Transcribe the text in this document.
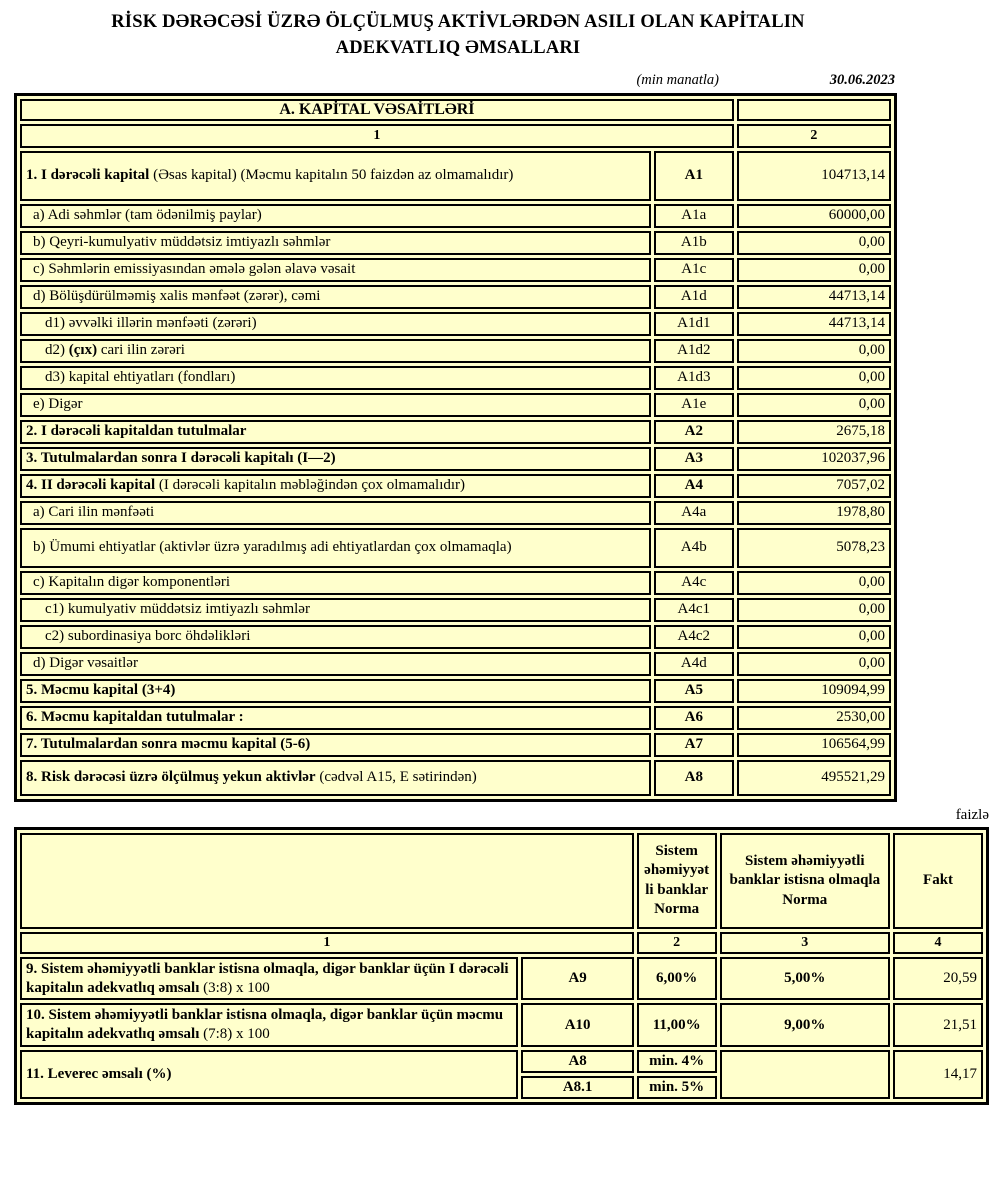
RİSK DƏRƏCƏSİ ÜZRƏ ÖLÇÜLMUŞ AKTİVLƏRDƏN ASILI OLAN KAPİTALIN
ADEKVATLIQ ƏMSALLARI
(min manatla)	30.06.2023
A. KAPİTAL VƏSAİTLƏRİ		
1		2
1. I dərəcəli kapital (Əsas kapital) (Məcmu kapitalın 50 faizdən az olmamalıdır)	A1	104713,14
a) Adi səhmlər (tam ödənilmiş paylar)	A1a	60000,00
b) Qeyri-kumulyativ müddətsiz imtiyazlı səhmlər	A1b	0,00
c) Səhmlərin emissiyasından əmələ gələn əlavə vəsait	A1c	0,00
d) Bölüşdürülməmiş xalis mənfəət (zərər), cəmi	A1d	44713,14
d1) əvvəlki illərin mənfəəti (zərəri)	A1d1	44713,14
d2) (çıx) cari ilin zərəri	A1d2	0,00
d3) kapital ehtiyatları (fondları)	A1d3	0,00
e) Digər	A1e	0,00
2. I dərəcəli kapitaldan tutulmalar	A2	2675,18
3. Tutulmalardan sonra I dərəcəli kapitalı (I—2)	A3	102037,96
4. II dərəcəli kapital (I dərəcəli kapitalın məbləğindən çox olmamalıdır)	A4	7057,02
a) Cari ilin mənfəəti	A4a	1978,80
b) Ümumi ehtiyatlar (aktivlər üzrə yaradılmış adi ehtiyatlardan çox olmamaqla)	A4b	5078,23
c) Kapitalın digər komponentləri	A4c	0,00
c1) kumulyativ müddətsiz imtiyazlı səhmlər	A4c1	0,00
c2) subordinasiya borc öhdəlikləri	A4c2	0,00
d) Digər vəsaitlər	A4d	0,00
5. Məcmu kapital (3+4)	A5	109094,99
6. Məcmu kapitaldan tutulmalar :	A6	2530,00
7. Tutulmalardan sonra məcmu kapital (5-6)	A7	106564,99
8. Risk dərəcəsi üzrə ölçülmuş yekun aktivlər (cədvəl A15, E sətirindən)	A8	495521,29
faizlə
		Sistem əhəmiyyətli banklar Norma	Sistem əhəmiyyətli banklar istisna olmaqla Norma	Fakt
1		2	3	4
9. Sistem əhəmiyyətli banklar istisna olmaqla, digər banklar üçün I dərəcəli kapitalın adekvatlıq əmsalı (3:8) x 100	A9	6,00%	5,00%	20,59
10. Sistem əhəmiyyətli banklar istisna olmaqla, digər banklar üçün məcmu kapitalın adekvatlıq əmsalı (7:8) x 100	A10	11,00%	9,00%	21,51
11. Leverec əmsalı (%)	A8	min. 4%		14,17
	A8.1	min. 5%		
